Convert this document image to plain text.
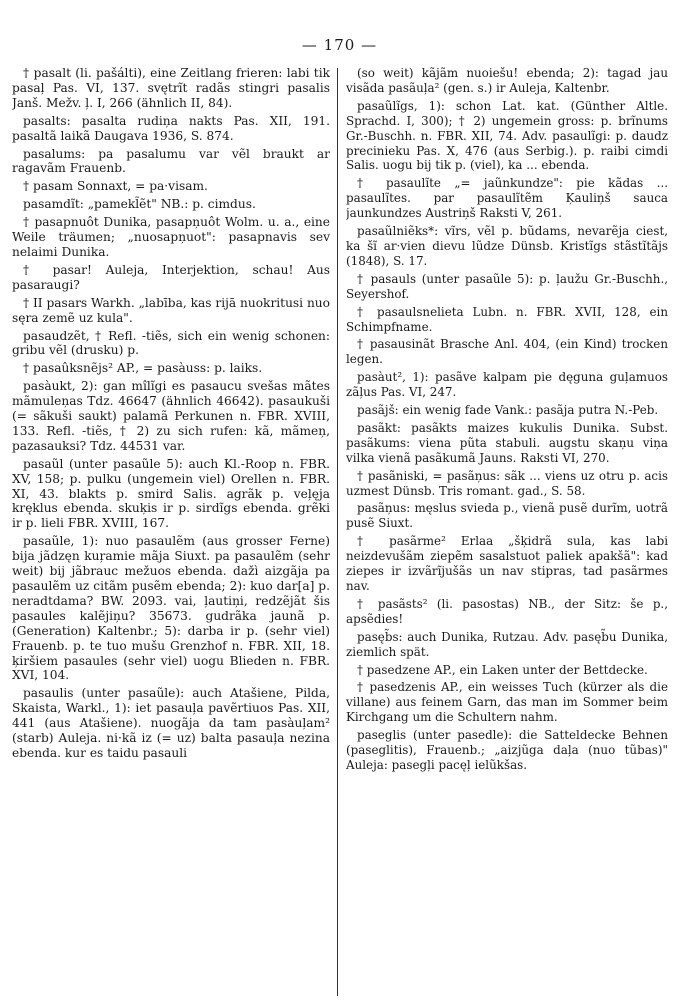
— 170 —

† pasalt (li. pašálti), eine Zeitlang frieren: labi tik pasaļ Pas. VI, 137. svętrĩt radãs stingri pasalis Janš. Mežv. ļ. I, 266 (ähnlich II, 84).

pasalts: pasalta rudiņa nakts Pas. XII, 191. pasaltã laikã Daugava 1936, S. 874.

pasalums: pa pasalumu var vẽl braukt ar ragavãm Frauenb.

† pasam Sonnaxt, = pa·visam.

pasamdĩt: „pamekl̃ẽt" NB.: p. cimdus.

† pasapnuôt Dunika, pasapņuôt Wolm. u. a., eine Weile träumen; „nuosapņuot": pasapnavis sev nelaimi Dunika.

† pasar! Auleja, Interjektion, schau! Aus pasaraugi?

† II pasars Warkh. „labība, kas rijā nuokritusi nuo sęra zemẽ uz kula".

pasaudzẽt, † Refl. -tiẽs, sich ein wenig schonen: gribu vẽl (drusku) p.

† pasaûksnẽjs² AP., = pasàuss: p. laiks.

pasàukt, 2): gan mîlĩgi es pasaucu svešas mãtes mãmuleņas Tdz. 46647 (ähnlich 46642). pasaukuši (= sãkuši saukt) palamã Perkunen n. FBR. XVIII, 133. Refl. -tiẽs, † 2) zu sich rufen: kã, mãmeņ, pazasauksi? Tdz. 44531 var.

pasaũl (unter pasaũle 5): auch Kl.-Roop n. FBR. XV, 158; p. pulku (ungemein viel) Orellen n. FBR. XI, 43. blakts p. smird Salis. agrãk p. veļęja kręklus ebenda. skuķis ir p. sirdĩgs ebenda. grẽki ir p. lieli FBR. XVIII, 167.

pasaũle, 1): nuo pasaulẽm (aus grosser Ferne) bija jãdzęn kuŗamie mãja Siuxt. pa pasaulẽm (sehr weit) bij jãbrauc mežuos ebenda. dažì aizgãja pa pasaulẽm uz citãm pusẽm ebenda; 2): kuo dar[a] p. neradtdama? BW. 2093. vai, ļautiņi, redzẽjãt šis pasaules kalẽjiņu? 35673. gudrãka jaunã p. (Generation) Kaltenbr.; 5): darba ir p. (sehr viel) Frauenb. p. te tuo mušu Grenzhof n. FBR. XII, 18. ķiršiem pasaules (sehr viel) uogu Blieden n. FBR. XVI, 104.

pasaulis (unter pasaũle): auch Atašiene, Pilda, Skaista, Warkl., 1): iet pasauļa pavẽrtiuos Pas. XII, 441 (aus Atašiene). nuogãja da tam pasàuļam² (starb) Auleja. ni·kã iz (= uz) balta pasauļa nezina ebenda. kur es taidu pasauli

(so weit) kãjãm nuoiešu! ebenda; 2): tagad jau visãda pasãuļa² (gen. s.) ir Auleja, Kaltenbr.

pasaũlĩgs, 1): schon Lat. kat. (Günther Altle. Sprachd. I, 300); † 2) ungemein gross: p. brĩnums Gr.-Buschh. n. FBR. XII, 74. Adv. pasaulĩgi: p. daudz precinieku Pas. X, 476 (aus Serbig.). p. raibi cimdi Salis. uogu bij tik p. (viel), ka ... ebenda.

† pasaulĩte „= jaũnkundze": pie kãdas ... pasaulĩtes. par pasaulĩtẽm Ķauliņš sauca jaunkundzes Austriņš Raksti V, 261.

pasaũlniẽks*: vĩrs, vẽl p. bũdams, nevarẽja ciest, ka šĩ ar·vien dievu lũdze Dünsb. Kristĩgs stãstĩtãjs (1848), S. 17.

† pasauls (unter pasaũle 5): p. ļaužu Gr.-Buschh., Seyershof.

† pasaulsnelieta Lubn. n. FBR. XVII, 128, ein Schimpfname.

† pasausinãt Brasche Anl. 404, (ein Kind) trocken legen.

pasàut², 1): pasãve kalpam pie dęguna guļamuos zãļus Pas. VI, 247.

pasãjš: ein wenig fade Vank.: pasãja putra N.-Peb.

pasãkt: pasãkts maizes kukulis Dunika. Subst. pasãkums: viena pũta stabuli. augstu skaņu viņa vilka vienã pasãkumã Jauns. Raksti VI, 270.

† pasãniski, = pasãņus: sãk ... viens uz otru p. acis uzmest Dünsb. Tris romant. gad., S. 58.

pasãņus: męslus svieda p., vienã pusẽ durĩm, uotrã pusẽ Siuxt.

† pasãrme² Erlaa „šķidrã sula, kas labi neizdevušãm ziepẽm sasalstuot paliek apakšã": kad ziepes ir izvãrĩjušãs un nav stipras, tad pasãrmes nav.

† pasãsts² (li. pasostas) NB., der Sitz: še p., apsẽdies!

pasęb̃s: auch Dunika, Rutzau. Adv. pasęb̃u Dunika, ziemlich spät.

† pasedzene AP., ein Laken unter der Bettdecke.

† pasedzenis AP., ein weisses Tuch (kürzer als die villane) aus feinem Garn, das man im Sommer beim Kirchgang um die Schultern nahm.

paseglis (unter pasedle): die Satteldecke Behnen (paseglitis), Frauenb.; „aizjũga daļa (nuo tũbas)" Auleja: pasegļi pacęļ ielũkšas.
